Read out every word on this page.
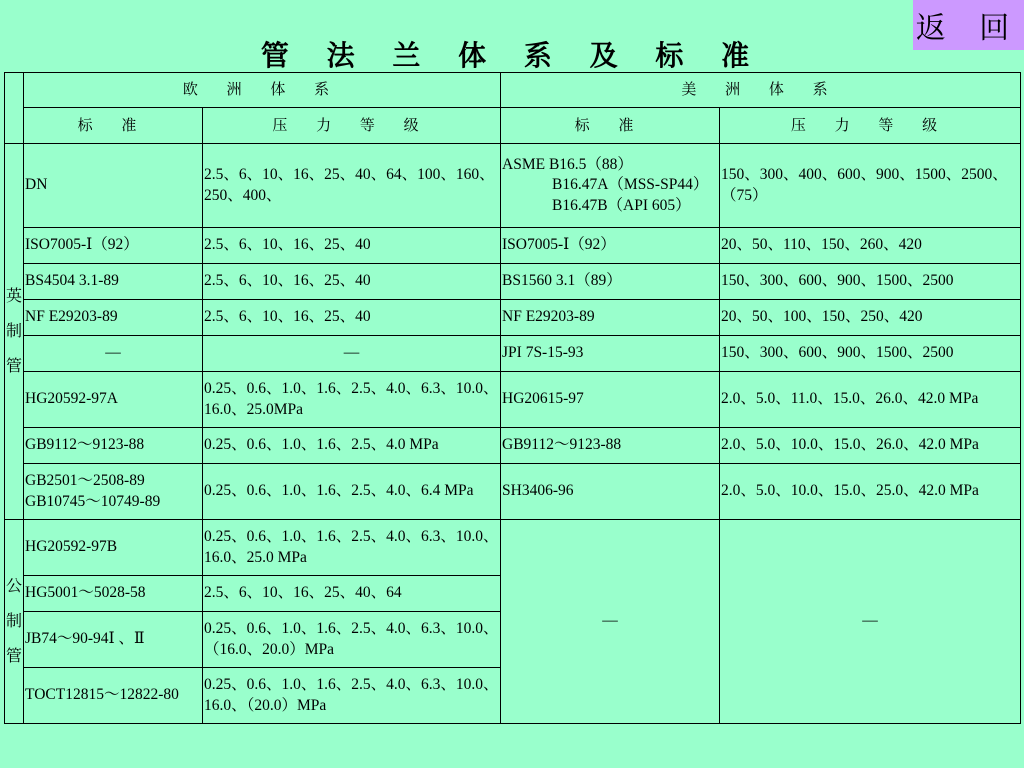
返 回
管 法 兰 体 系 及 标 准
	欧 洲 体 系		美 洲 体 系	
	标 准	压 力 等 级	标 准	压 力 等 级

英
制
管	DN	2.5、6、10、16、25、40、64、100、160、250、400、	ASME B16.5（88）
B16.47A（MSS-SP44）
B16.47B（API 605）	150、300、400、600、900、1500、2500、（75）
	ISO7005-Ⅰ（92）	2.5、6、10、16、25、40	ISO7005-Ⅰ（92）	20、50、110、150、260、420
	BS4504 3.1-89	2.5、6、10、16、25、40	BS1560 3.1（89）	150、300、600、900、1500、2500
	NF E29203-89	2.5、6、10、16、25、40	NF E29203-89	20、50、100、150、250、420
	—	—	JPI 7S-15-93	150、300、600、900、1500、2500
	HG20592-97A	0.25、0.6、1.0、1.6、2.5、4.0、6.3、10.0、16.0、25.0MPa	HG20615-97	2.0、5.0、11.0、15.0、26.0、42.0 MPa
	GB9112～9123-88	0.25、0.6、1.0、1.6、2.5、4.0 MPa	GB9112～9123-88	2.0、5.0、10.0、15.0、26.0、42.0 MPa

	GB2501～2508-89
GB10745～10749-89	0.25、0.6、1.0、1.6、2.5、4.0、6.4 MPa	SH3406-96	2.0、5.0、10.0、15.0、25.0、42.0 MPa

公
制
管	HG20592-97B	0.25、0.6、1.0、1.6、2.5、4.0、6.3、10.0、16.0、25.0 MPa	—	—
	HG5001～5028-58	2.5、6、10、16、25、40、64		
	JB74～90-94Ⅰ 、Ⅱ	0.25、0.6、1.0、1.6、2.5、4.0、6.3、10.0、（16.0、20.0）MPa		
	TOCT12815～12822-80	0.25、0.6、1.0、1.6、2.5、4.0、6.3、10.0、16.0、（20.0）MPa		
